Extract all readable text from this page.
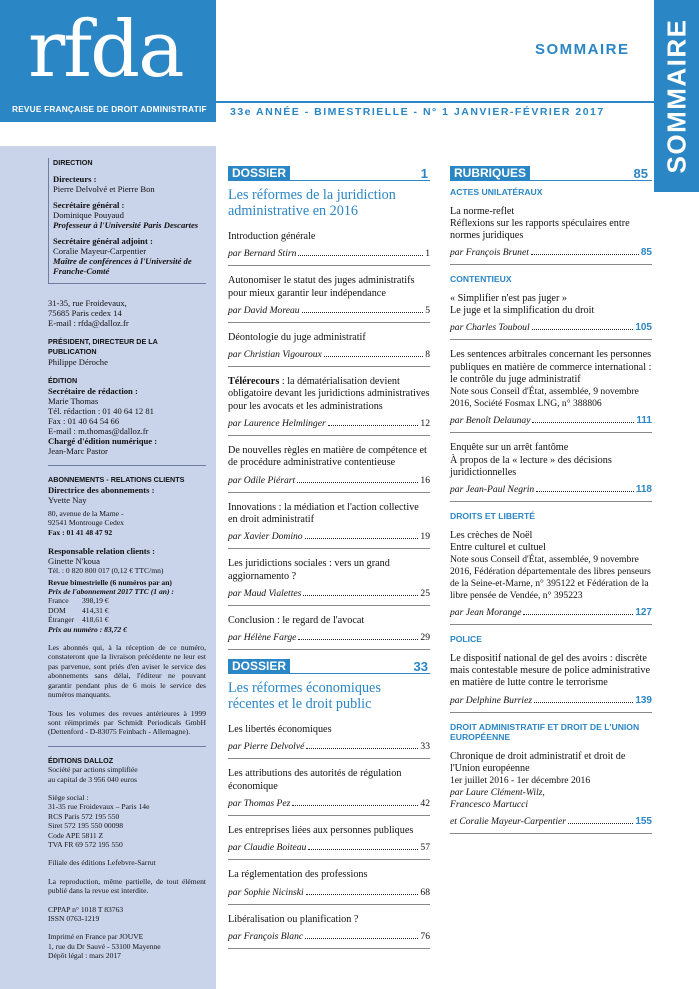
rfda
REVUE FRANÇAISE DE DROIT ADMINISTRATIF
SOMMAIRE
33e ANNÉE - BIMESTRIELLE - N° 1 JANVIER-FÉVRIER 2017 SOMMAIRE
DIRECTION
Directeurs :
Pierre Delvolvé et Pierre Bon
Secrétaire général :
Dominique Pouyaud
Professeur à l'Université Paris Descartes
Secrétaire général adjoint :
Coralie Mayeur-Carpentier
Maître de conférences à l'Université de Franche-Comté
31-35, rue Froidevaux,
75685 Paris cedex 14
E-mail : rfda@dalloz.fr
PRÉSIDENT, DIRECTEUR DE LA PUBLICATION
Philippe Déroche
ÉDITION
Secrétaire de rédaction :
Marie Thomas
Tél. rédaction : 01 40 64 12 81
Fax : 01 40 64 54 66
E-mail : m.thomas@dalloz.fr
Chargé d'édition numérique :
Jean-Marc Pastor
ABONNEMENTS - RELATIONS CLIENTS
Directrice des abonnements :
Yvette Nay
80, avenue de la Marne -
92541 Montrouge Cedex
Fax : 01 41 48 47 92
Responsable relation clients :
Ginette N'koua
Tél. : 0 820 800 017 (0,12 € TTC/mn)
Revue bimestrielle (6 numéros par an)
Prix de l'abonnement 2017 TTC (1 an) :
France 398,19 €
DOM 414,31 €
Étranger 418,61 €
Prix au numéro : 83,72 €
Les abonnés qui, à la réception de ce numéro, constateront que la livraison précédente ne leur est pas parvenue, sont priés d'en aviser le service des abonnements sans délai, l'éditeur ne pouvant garantir pendant plus de 6 mois le service des numéros manquants.
Tous les volumes des revues antérieures à 1999 sont réimprimés par Schmidt Periodicals GmbH (Dettenford - D-83075 Feinbach - Allemagne).
ÉDITIONS DALLOZ
Société par actions simplifiée
au capital de 3 956 040 euros
Siège social :
31-35 rue Froidevaux – Paris 14e
RCS Paris 572 195 550
Siret 572 195 550 00098
Code APE 5811 Z
TVA FR 69 572 195 550
Filiale des éditions Lefebvre-Sarrut
La reproduction, même partielle, de tout élément publié dans la revue est interdite.
CPPAP n° 1018 T 83763
ISSN 0763-1219
Imprimé en France par JOUVE
1, rue du Dr Sauvé - 53100 Mayenne
Dépôt légal : mars 2017
DOSSIER	1
Les réformes de la juridiction administrative en 2016
Introduction générale
par Bernard Stirn	1
Autonomiser le statut des juges administratifs pour mieux garantir leur indépendance
par David Moreau	5
Déontologie du juge administratif
par Christian Vigouroux	8
Télérecours : la dématérialisation devient obligatoire devant les juridictions administratives pour les avocats et les administrations
par Laurence Helmlinger	12
De nouvelles règles en matière de compétence et de procédure administrative contentieuse
par Odile Piérart	16
Innovations : la médiation et l'action collective en droit administratif
par Xavier Domino	19
Les juridictions sociales : vers un grand aggiornamento ?
par Maud Vialettes	25
Conclusion : le regard de l'avocat
par Hélène Farge	29
DOSSIER	33
Les réformes économiques récentes et le droit public
Les libertés économiques
par Pierre Delvolvé	33
Les attributions des autorités de régulation économique
par Thomas Pez	42
Les entreprises liées aux personnes publiques
par Claudie Boiteau	57
La réglementation des professions
par Sophie Nicinski	68
Libéralisation ou planification ?
par François Blanc	76
RUBRIQUES	85
ACTES UNILATÉRAUX
La norme-reflet
Réflexions sur les rapports spéculaires entre normes juridiques
par François Brunet	85
CONTENTIEUX
« Simplifier n'est pas juger »
Le juge et la simplification du droit
par Charles Touboul	105
Les sentences arbitrales concernant les personnes publiques en matière de commerce international : le contrôle du juge administratif
Note sous Conseil d'État, assemblée, 9 novembre 2016, Société Fosmax LNG, n° 388806
par Benoît Delaunay	111
Enquête sur un arrêt fantôme
À propos de la « lecture » des décisions juridictionnelles
par Jean-Paul Negrin	118
DROITS ET LIBERTÉ
Les crèches de Noël
Entre culturel et cultuel
Note sous Conseil d'État, assemblée, 9 novembre 2016, Fédération départementale des libres penseurs de la Seine-et-Marne, n° 395122 et Fédération de la libre pensée de Vendée, n° 395223
par Jean Morange	127
POLICE
Le dispositif national de gel des avoirs : discrète mais contestable mesure de police administrative en matière de lutte contre le terrorisme
par Delphine Burriez	139
DROIT ADMINISTRATIF ET DROIT DE L'UNION EUROPÉENNE
Chronique de droit administratif et droit de l'Union européenne
1er juillet 2016 - 1er décembre 2016
par Laure Clément-Wilz,
Francesco Martucci
et Coralie Mayeur-Carpentier	155
